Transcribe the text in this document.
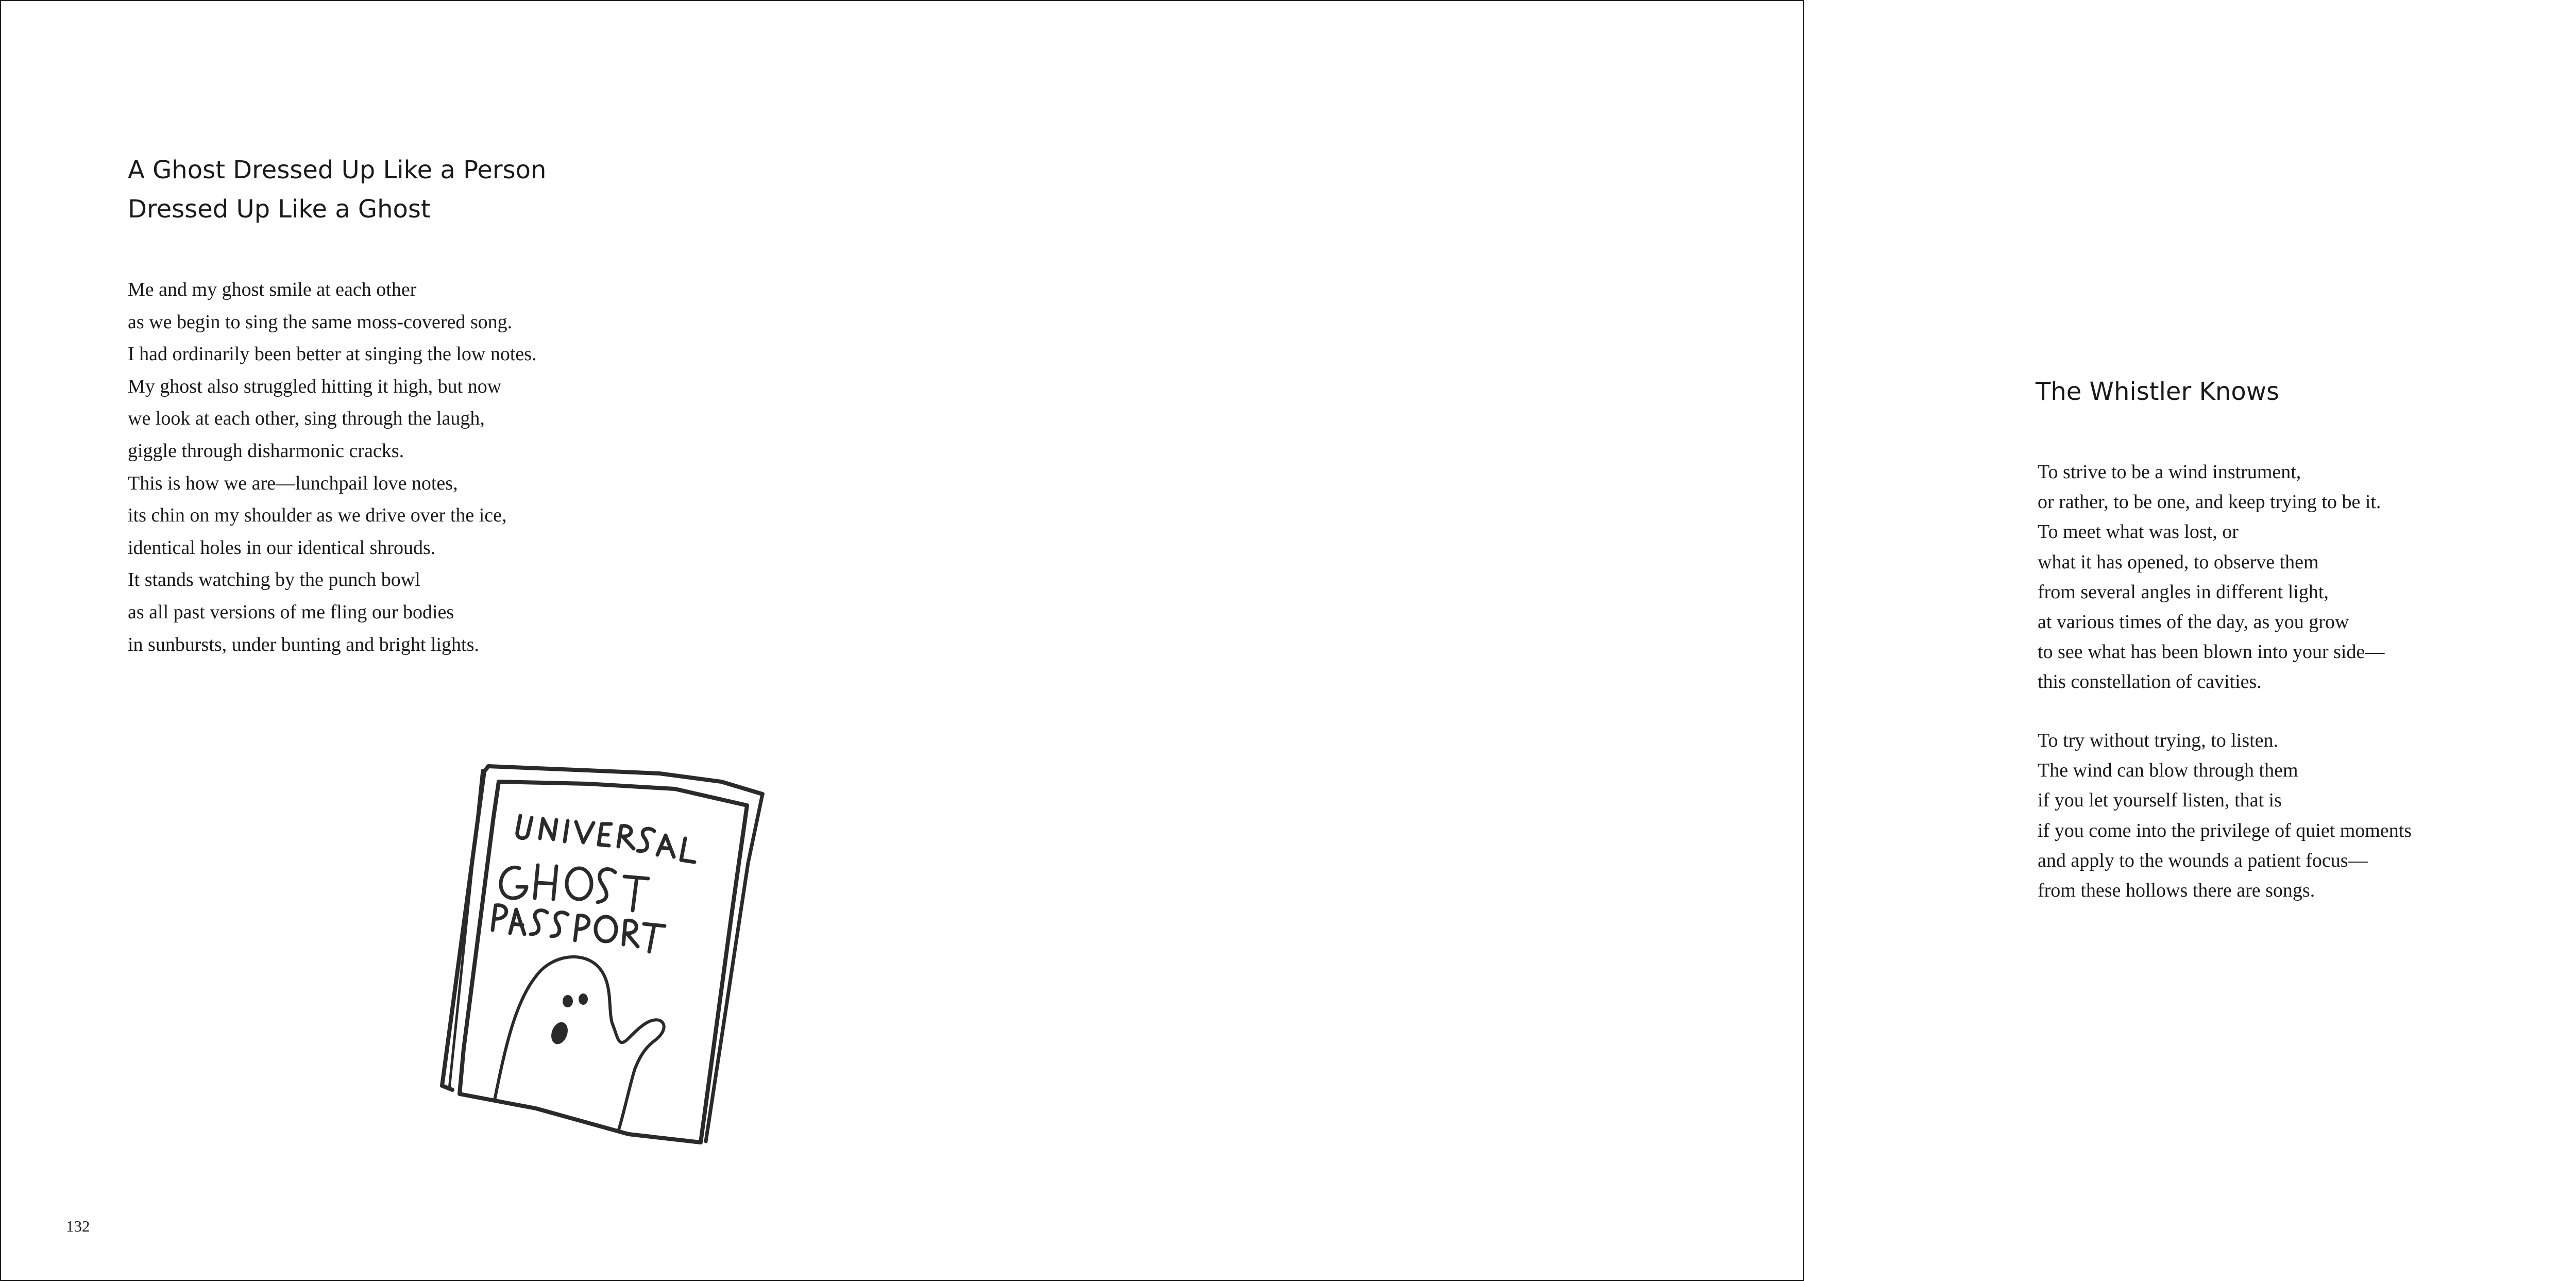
A Ghost Dressed Up Like a Person
Dressed Up Like a Ghost
Me and my ghost smile at each other
as we begin to sing the same moss-covered song.
I had ordinarily been better at singing the low notes.
My ghost also struggled hitting it high, but now
we look at each other, sing through the laugh,
giggle through disharmonic cracks.
This is how we are—lunchpail love notes,
its chin on my shoulder as we drive over the ice,
identical holes in our identical shrouds.
It stands watching by the punch bowl
as all past versions of me fling our bodies
in sunbursts, under bunting and bright lights.
132
The Whistler Knows
To strive to be a wind instrument,
or rather, to be one, and keep trying to be it.
To meet what was lost, or
what it has opened, to observe them
from several angles in different light,
at various times of the day, as you grow
to see what has been blown into your side—
this constellation of cavities.
To try without trying, to listen.
The wind can blow through them
if you let yourself listen, that is
if you come into the privilege of quiet moments
and apply to the wounds a patient focus—
from these hollows there are songs.
